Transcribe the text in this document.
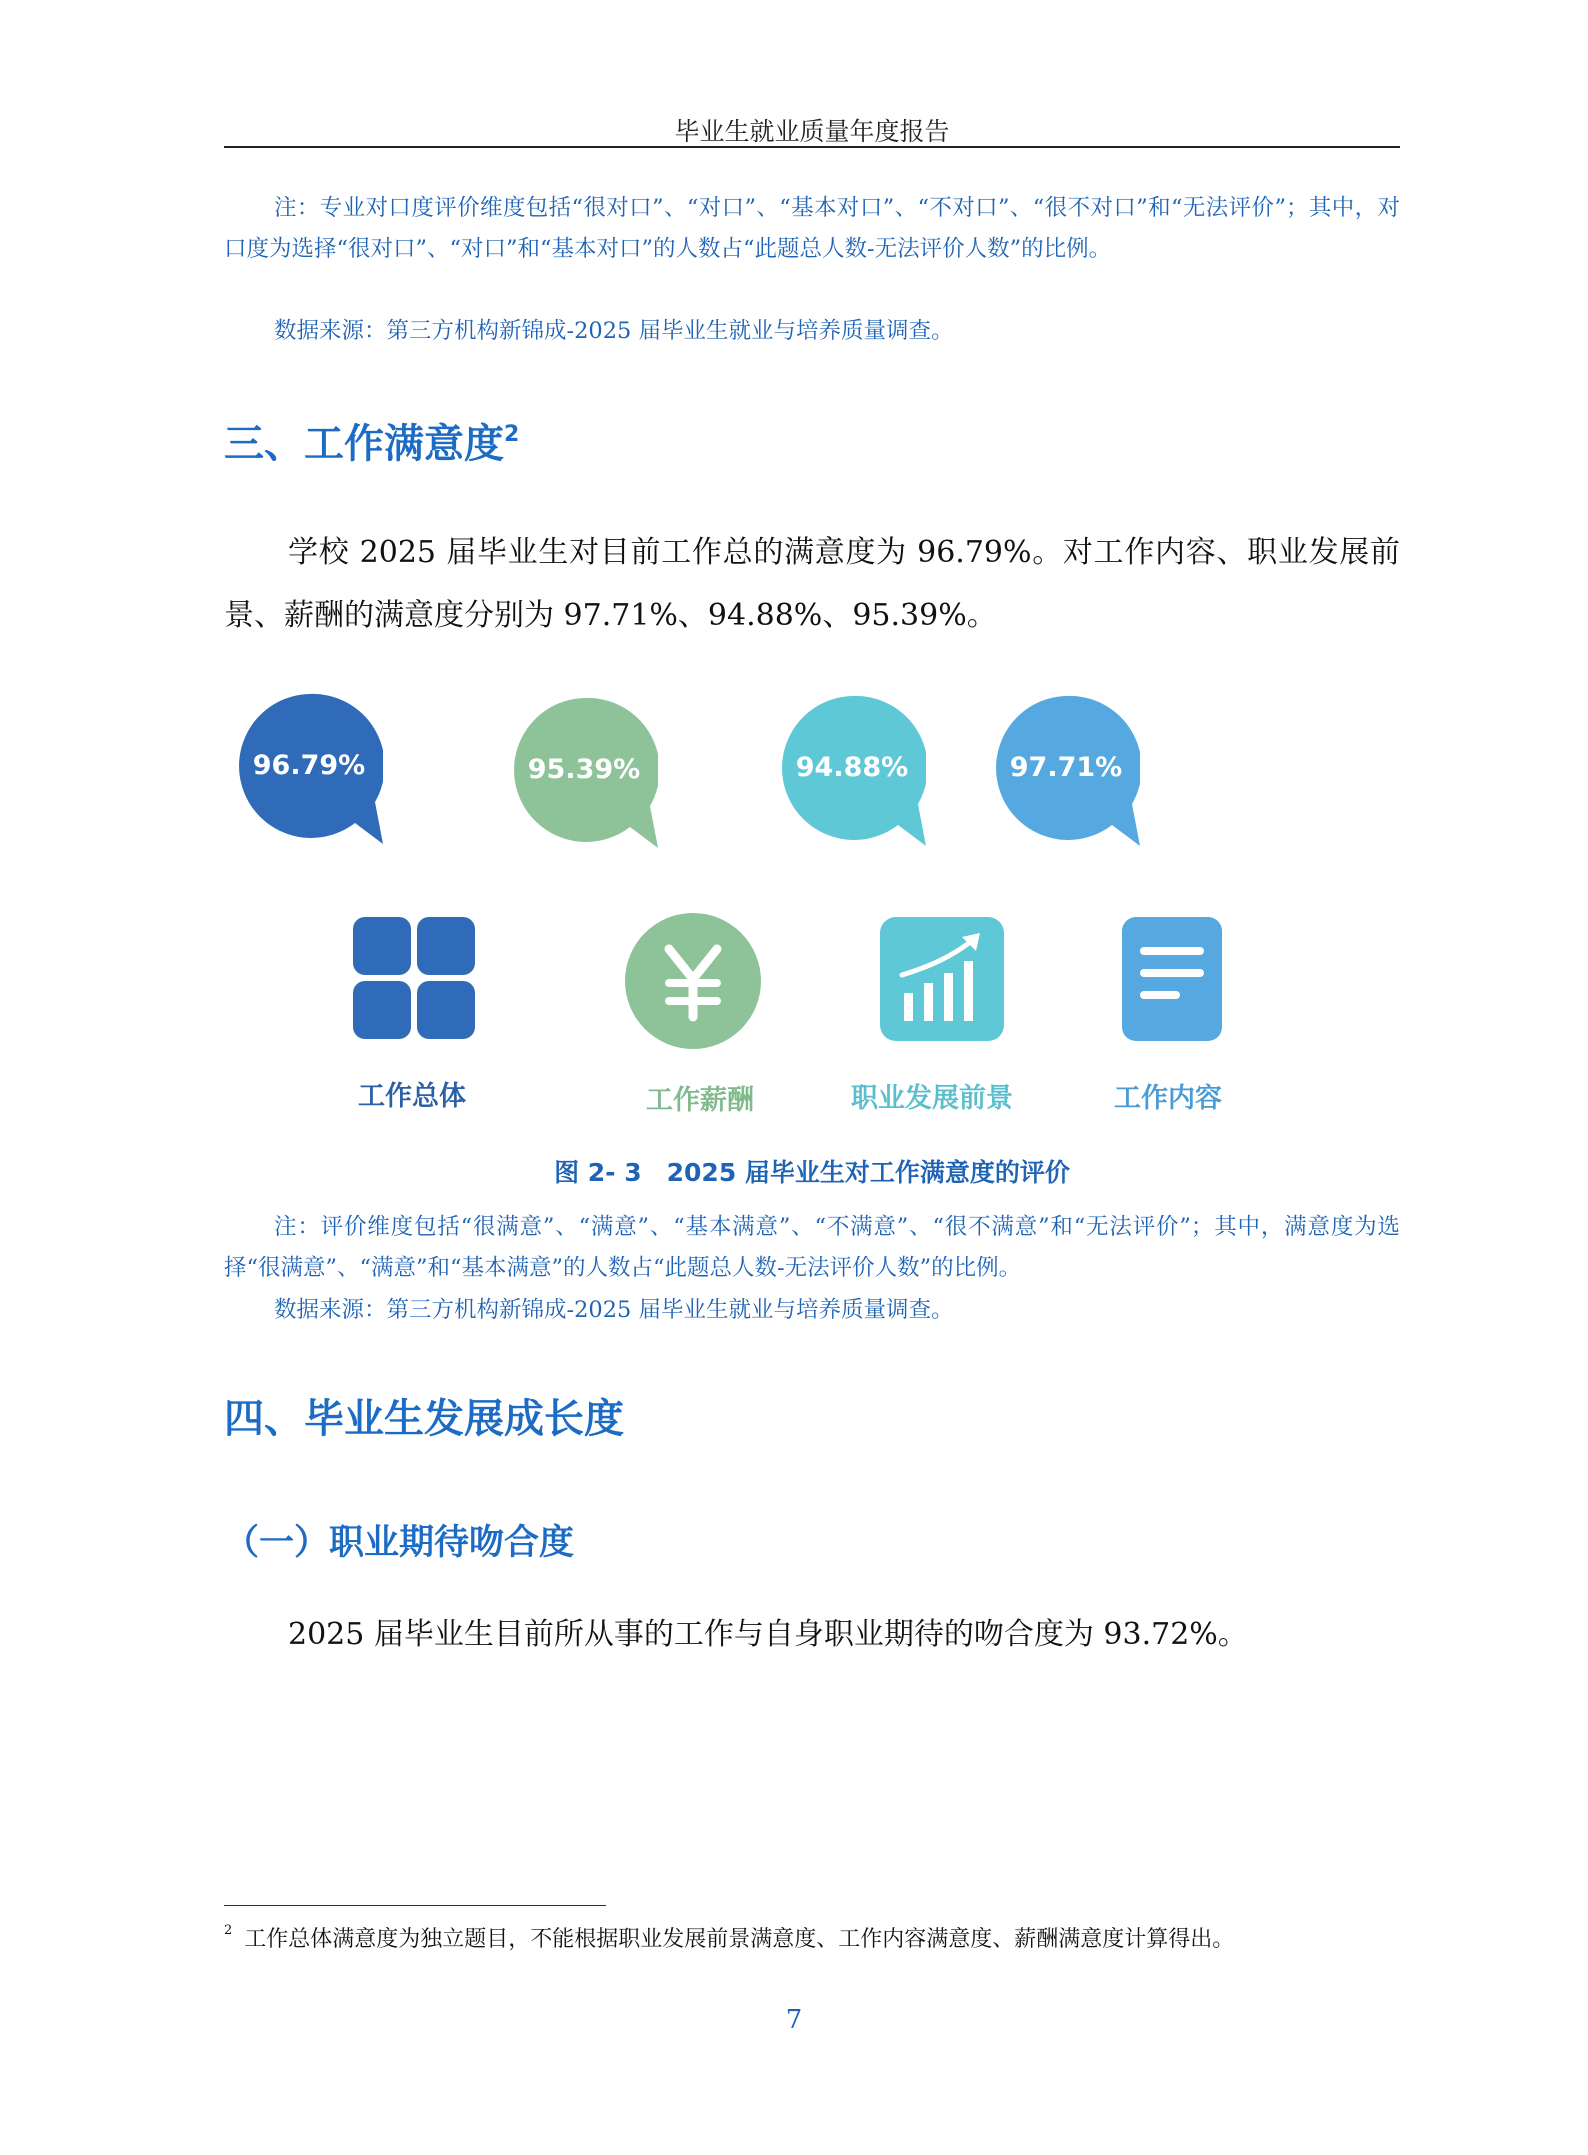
毕业生就业质量年度报告
注：专业对口度评价维度包括“很对口”、“对口”、“基本对口”、“不对口”、“很不对口”和“无法评价”；其中，对口度为选择“很对口”、“对口”和“基本对口”的人数占“此题总人数-无法评价人数”的比例。
数据来源：第三方机构新锦成-2025 届毕业生就业与培养质量调查。
三、工作满意度$^2$
学校 2025 届毕业生对目前工作总的满意度为 96.79%。对工作内容、职业发展前景、薪酬的满意度分别为 97.71%、94.88%、95.39%。
96.79%	95.39%	94.88%	97.71%
工作总体	工作薪酬	职业发展前景	工作内容
图 2- 3　2025 届毕业生对工作满意度的评价
注：评价维度包括“很满意”、“满意”、“基本满意”、“不满意”、“很不满意”和“无法评价”；其中，满意度为选择“很满意”、“满意”和“基本满意”的人数占“此题总人数-无法评价人数”的比例。
数据来源：第三方机构新锦成-2025 届毕业生就业与培养质量调查。
四、毕业生发展成长度
（一）职业期待吻合度
2025 届毕业生目前所从事的工作与自身职业期待的吻合度为 93.72%。
$^2$ 工作总体满意度为独立题目，不能根据职业发展前景满意度、工作内容满意度、薪酬满意度计算得出。
7
